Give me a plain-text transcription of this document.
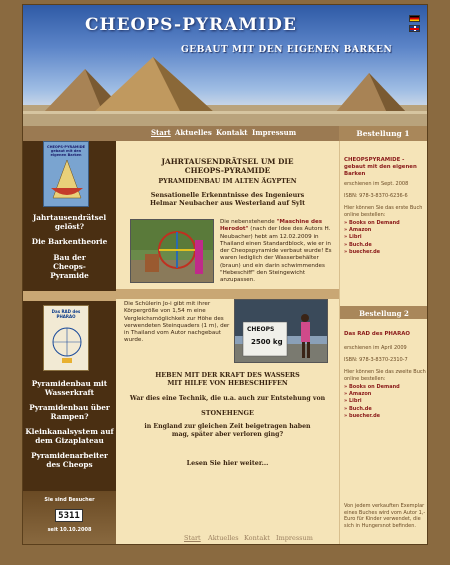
CHEOPS-PYRAMIDE
GEBAUT MIT DEN EIGENEN BARKEN
Start Aktuelles Kontakt Impressum	Bestellung 1
CHEOPS-PYRAMIDE gebaut mit den eigenen Barken
Jahrtausendrätsel gelöst?
Die Barkentheorie
Bau der Cheops-Pyramide
Das RAD des PHARAO
Pyramidenbau mit Wasserkraft
Pyramidenbau über Rampen?
Kleinkanalsystem auf dem Gizaplateau
Pyramidenarbeiter des Cheops
Sie sind Besucher
5311
seit 10.10.2008
JAHRTAUSENDRÄTSEL UM DIE
CHEOPS-PYRAMIDE
PYRAMIDENBAU IM ALTEN ÄGYPTEN
Sensationelle Erkenntnisse des Ingenieurs
Helmar Neubacher aus Westerland auf Sylt
Die nebenstehende "Maschine des Herodot" (nach der Idee des Autors H. Neubacher) hebt am 12.02.2009 in Thailand einen Standardblock, wie er in der Cheopspyramide verbaut wurde! Es waren lediglich der Wasserbehälter (braun) und ein darin schwimmendes "Hebeschiff" den Steingewicht anzupassen.
Die Schülerin Jo-i gibt mit ihrer Körpergröße von 1,54 m eine Vergleichsmöglichkeit zur Höhe des verwendeten Steinquaders (1 m), der in Thailand vom Autor nachgebaut wurde.
CHEOPS
2500 kg
HEBEN MIT DER KRAFT DES WASSERS
MIT HILFE VON HEBESCHIFFEN
War dies eine Technik, die u.a. auch zur Entstehung von
STONEHENGE
in England zur gleichen Zeit beigetragen haben mag, später aber verloren ging?
Lesen Sie hier weiter...
CHEOPSPYRAMIDE - gebaut mit den eigenen Barken
erschienen im Sept. 2008
ISBN: 978-3-8370-6236-6
Hier können Sie das erste Buch online bestellen:
» Books on Demand
» Amazon
» Libri
» Buch.de
» buecher.de
Bestellung 2
Das RAD des PHARAO
erschienen im April 2009
ISBN: 978-3-8370-2310-7
Hier können Sie das zweite Buch online bestellen:
» Books on Demand
» Amazon
» Libri
» Buch.de
» buecher.de
Von jedem verkauften Exemplar eines Buches wird vom Autor 1,- Euro für Kinder verwendet, die sich in Hungersnot befinden.
Start Aktuelles Kontakt Impressum
